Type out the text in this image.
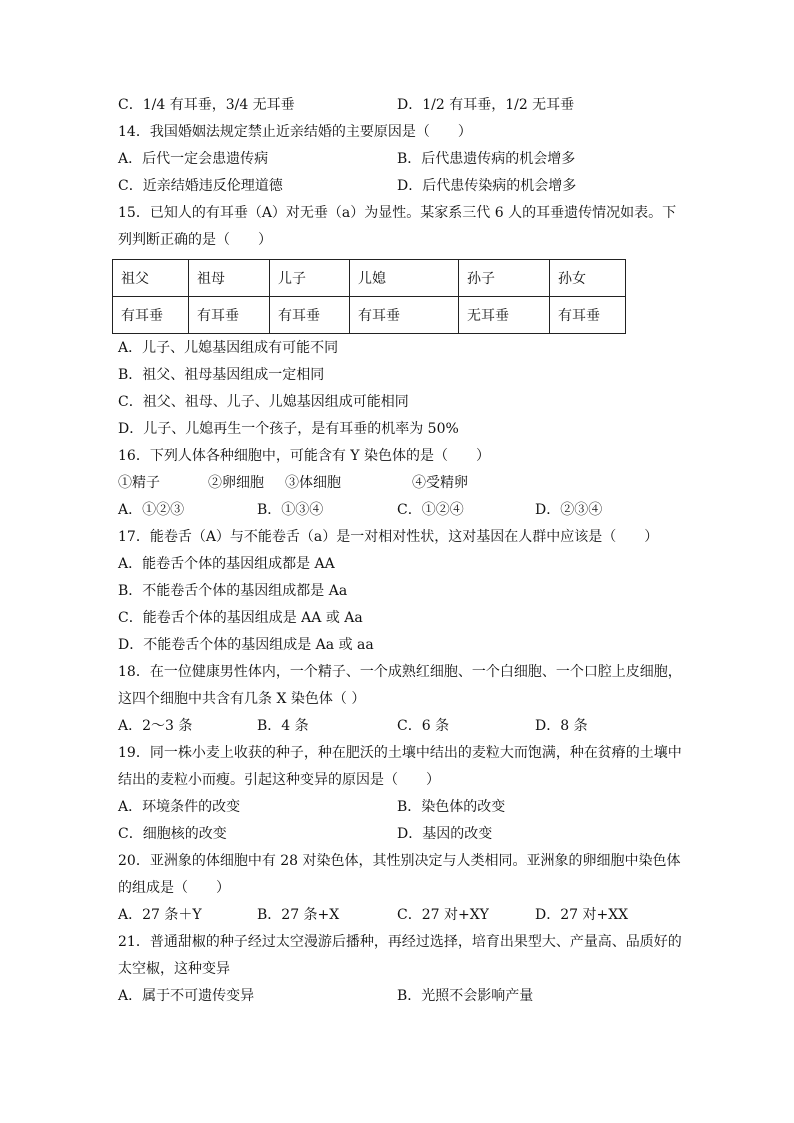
C．1/4 有耳垂，3/4 无耳垂	D．1/2 有耳垂，1/2 无耳垂
14．我国婚姻法规定禁止近亲结婚的主要原因是（　　）
A．后代一定会患遗传病	B．后代患遗传病的机会增多
C．近亲结婚违反伦理道德	D．后代患传染病的机会增多
15．已知人的有耳垂（A）对无垂（a）为显性。某家系三代 6 人的耳垂遗传情况如表。下
列判断正确的是（　　）
祖父	祖母	儿子	儿媳	孙子	孙女
有耳垂	有耳垂	有耳垂	有耳垂	无耳垂	有耳垂
A．儿子、儿媳基因组成有可能不同
B．祖父、祖母基因组成一定相同
C．祖父、祖母、儿子、儿媳基因组成可能相同
D．儿子、儿媳再生一个孩子，是有耳垂的机率为 50%
16．下列人体各种细胞中，可能含有 Y 染色体的是（　　）
①精子	②卵细胞 ③体细胞	④受精卵
A．①②③	B．①③④	C．①②④	D．②③④
17．能卷舌（A）与不能卷舌（a）是一对相对性状，这对基因在人群中应该是（　　）
A．能卷舌个体的基因组成都是 AA
B．不能卷舌个体的基因组成都是 Aa
C．能卷舌个体的基因组成是 AA 或 Aa
D．不能卷舌个体的基因组成是 Aa 或 aa
18．在一位健康男性体内，一个精子、一个成熟红细胞、一个白细胞、一个口腔上皮细胞，
这四个细胞中共含有几条 X 染色体（ ）
A．2～3 条	B．4 条	C．6 条	D．8 条
19．同一株小麦上收获的种子，种在肥沃的土壤中结出的麦粒大而饱满，种在贫瘠的土壤中
结出的麦粒小而瘦。引起这种变异的原因是（　　）
A．环境条件的改变	B．染色体的改变
C．细胞核的改变	D．基因的改变
20．亚洲象的体细胞中有 28 对染色体，其性别决定与人类相同。亚洲象的卵细胞中染色体
的组成是（　　）
A．27 条＋Y	B．27 条+X	C．27 对+XY	D．27 对+XX
21．普通甜椒的种子经过太空漫游后播种，再经过选择，培育出果型大、产量高、品质好的
太空椒，这种变异
A．属于不可遗传变异	B．光照不会影响产量
